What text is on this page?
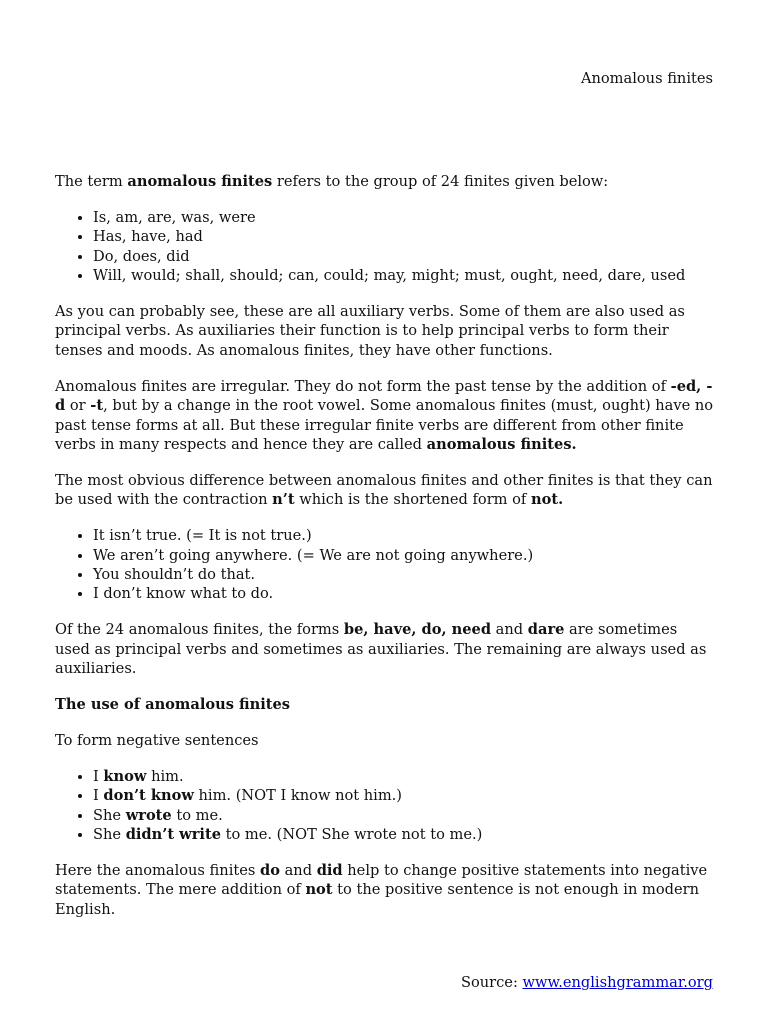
Anomalous finites

The term anomalous finites refers to the group of 24 finites given below:

• Is, am, are, was, were
• Has, have, had
• Do, does, did
• Will, would; shall, should; can, could; may, might; must, ought, need, dare, used

As you can probably see, these are all auxiliary verbs. Some of them are also used as principal verbs. As auxiliaries their function is to help principal verbs to form their tenses and moods. As anomalous finites, they have other functions.

Anomalous finites are irregular. They do not form the past tense by the addition of -ed, -d or -t, but by a change in the root vowel. Some anomalous finites (must, ought) have no past tense forms at all. But these irregular finite verbs are different from other finite verbs in many respects and hence they are called anomalous finites.

The most obvious difference between anomalous finites and other finites is that they can be used with the contraction n’t which is the shortened form of not.

• It isn’t true. (= It is not true.)
• We aren’t going anywhere. (= We are not going anywhere.)
• You shouldn’t do that.
• I don’t know what to do.

Of the 24 anomalous finites, the forms be, have, do, need and dare are sometimes used as principal verbs and sometimes as auxiliaries. The remaining are always used as auxiliaries.

The use of anomalous finites

To form negative sentences

• I know him.
• I don’t know him. (NOT I know not him.)
• She wrote to me.
• She didn’t write to me. (NOT She wrote not to me.)

Here the anomalous finites do and did help to change positive statements into negative statements. The mere addition of not to the positive sentence is not enough in modern English.

Source: www.englishgrammar.org
